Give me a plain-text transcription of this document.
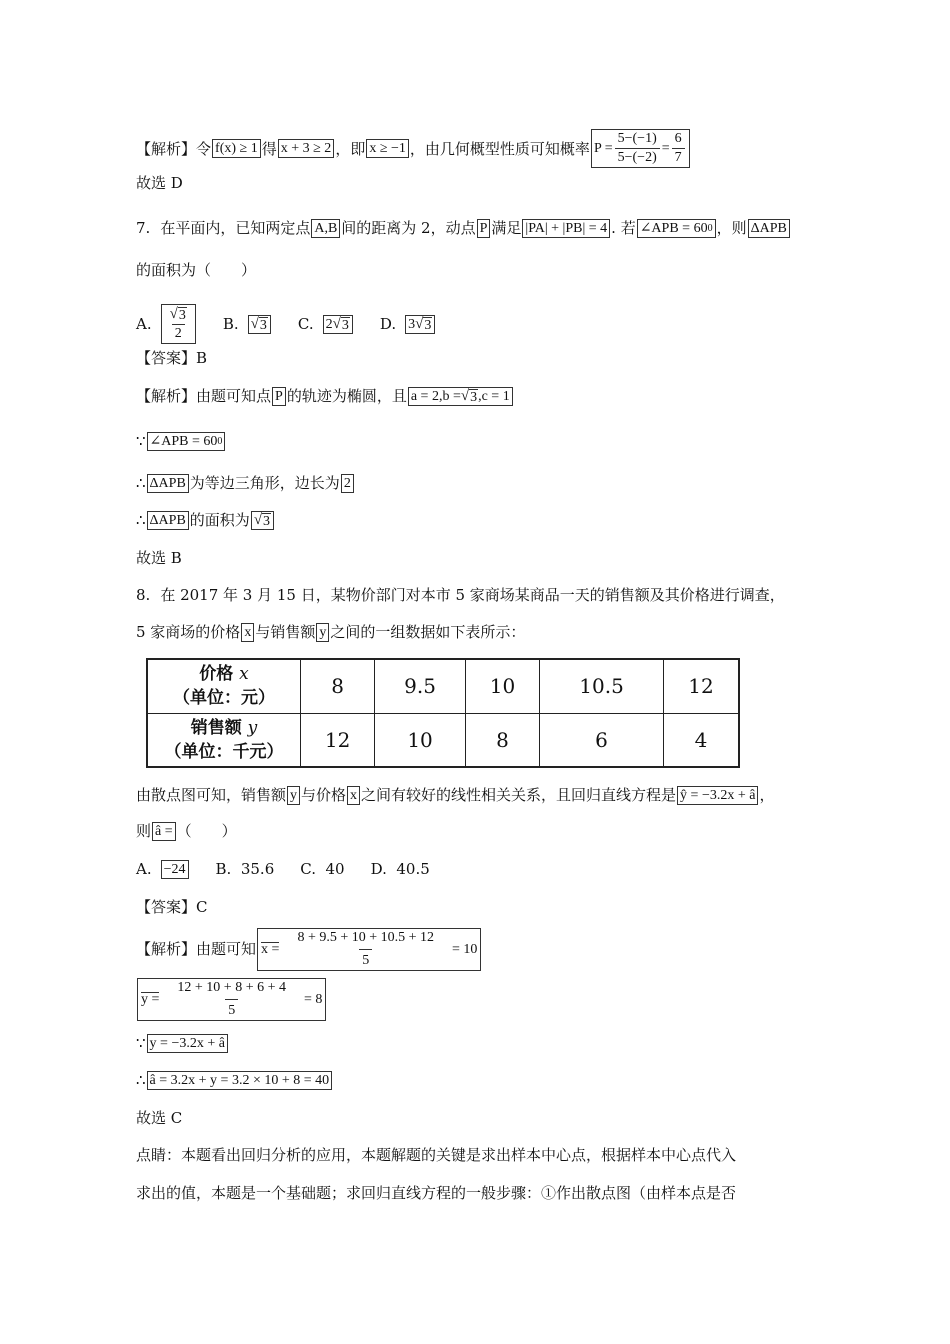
【解析】 令 f(x) ≥ 1 得 x + 3 ≥ 2 ，即 x ≥ −1 ，由几何概型性质可知概率 $P = \frac{5-(-1)}{5-(-2)} = \frac{6}{7}$
故选 D
7. 在平面内，已知两定点 A,B 间的距离为 2，动点 P 满足 |PA| + |PB| = 4 . 若 ∠APB = 60 0 ，则 ΔAPB
的面积为（　　）
A. $\frac{√ 3}{2} B$. √ 3 C. 2 √ 3 D. 3 √ 3
【答案】B
【解析】 由题可知点 P 的轨迹为椭圆，且 a = 2,b = √ 3 ,c = 1
∵ ∠APB = 60 0
∴ ΔAPB 为等边三角形，边长为 2
∴ ΔAPB 的面积为 √ 3
故选 B
8. 在 2017 年 3 月 15 日，某物价部门对本市 5 家商场某商品一天的销售额及其价格进行调查，
5 家商场的价格 x 与销售额 y 之间的一组数据如下表所示：
价格 x
（单位：元）	8	9.5	10	10.5	12
销售额 y
（单位：千元）	12	10	8	6	4
由散点图可知，销售额 y 与价格 x 之间有较好的线性相关关系，且回归直线方程是 ŷ = −3.2x + â ，
则 â = （　　）
A. −24 B.  35.6 C.  40 D.  40.5
【答案】C
【解析】 由题可知 $x = \frac{8 + 9.5 + 10 + 10.5 + 12}{5} = 10$
$y = \frac{12 + 10 + 8 + 6 + 4}{5} = 8$
∵ y = −3.2x + â
∴ â = 3.2x + y = 3.2 × 10 + 8 = 40
故选 C
点睛：本题看出回归分析的应用，本题解题的关键是求出样本中心点，根据样本中心点代入
求出的值，本题是一个基础题；求回归直线方程的一般步骤：①作出散点图（由样本点是否
